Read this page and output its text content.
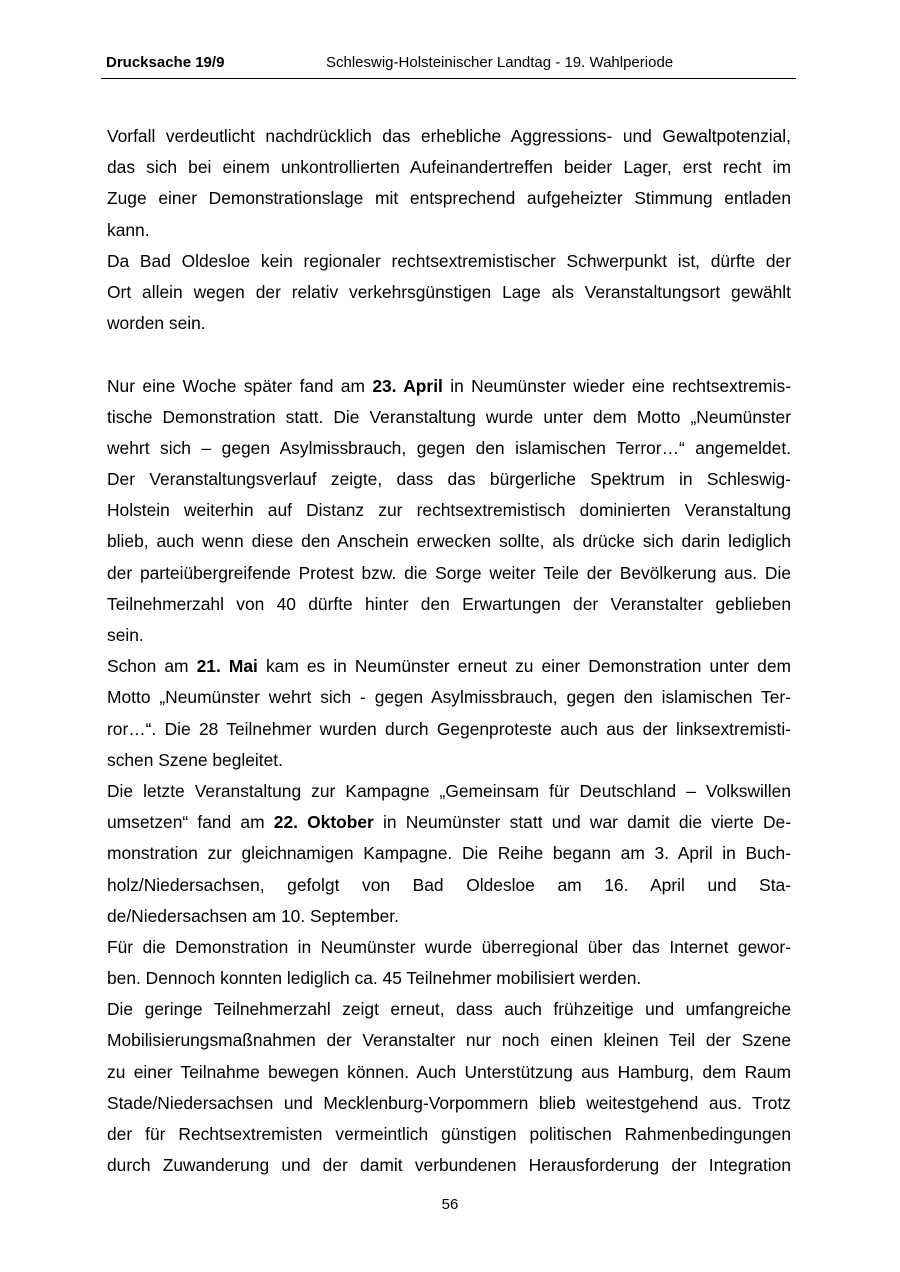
Drucksache 19/9	Schleswig-Holsteinischer Landtag - 19. Wahlperiode
Vorfall verdeutlicht nachdrücklich das erhebliche Aggressions- und Gewaltpotenzial,
das sich bei einem unkontrollierten Aufeinandertreffen beider Lager, erst recht im
Zuge einer Demonstrationslage mit entsprechend aufgeheizter Stimmung entladen
kann.
Da Bad Oldesloe kein regionaler rechtsextremistischer Schwerpunkt ist, dürfte der
Ort allein wegen der relativ verkehrsgünstigen Lage als Veranstaltungsort gewählt
worden sein.
Nur eine Woche später fand am 23. April in Neumünster wieder eine rechtsextremis-
tische Demonstration statt. Die Veranstaltung wurde unter dem Motto „Neumünster
wehrt sich – gegen Asylmissbrauch, gegen den islamischen Terror…“ angemeldet.
Der Veranstaltungsverlauf zeigte, dass das bürgerliche Spektrum in Schleswig-
Holstein weiterhin auf Distanz zur rechtsextremistisch dominierten Veranstaltung
blieb, auch wenn diese den Anschein erwecken sollte, als drücke sich darin lediglich
der parteiübergreifende Protest bzw. die Sorge weiter Teile der Bevölkerung aus. Die
Teilnehmerzahl von 40 dürfte hinter den Erwartungen der Veranstalter geblieben
sein.
Schon am 21. Mai kam es in Neumünster erneut zu einer Demonstration unter dem
Motto „Neumünster wehrt sich - gegen Asylmissbrauch, gegen den islamischen Ter-
ror…“. Die 28 Teilnehmer wurden durch Gegenproteste auch aus der linksextremisti-
schen Szene begleitet.
Die letzte Veranstaltung zur Kampagne „Gemeinsam für Deutschland – Volkswillen
umsetzen“ fand am 22. Oktober in Neumünster statt und war damit die vierte De-
monstration zur gleichnamigen Kampagne. Die Reihe begann am 3. April in Buch-
holz/Niedersachsen, gefolgt von Bad Oldesloe am 16. April und Sta-
de/Niedersachsen am 10. September.
Für die Demonstration in Neumünster wurde überregional über das Internet gewor-
ben. Dennoch konnten lediglich ca. 45 Teilnehmer mobilisiert werden.
Die geringe Teilnehmerzahl zeigt erneut, dass auch frühzeitige und umfangreiche
Mobilisierungsmaßnahmen der Veranstalter nur noch einen kleinen Teil der Szene
zu einer Teilnahme bewegen können. Auch Unterstützung aus Hamburg, dem Raum
Stade/Niedersachsen und Mecklenburg-Vorpommern blieb weitestgehend aus. Trotz
der für Rechtsextremisten vermeintlich günstigen politischen Rahmenbedingungen
durch Zuwanderung und der damit verbundenen Herausforderung der Integration
56
